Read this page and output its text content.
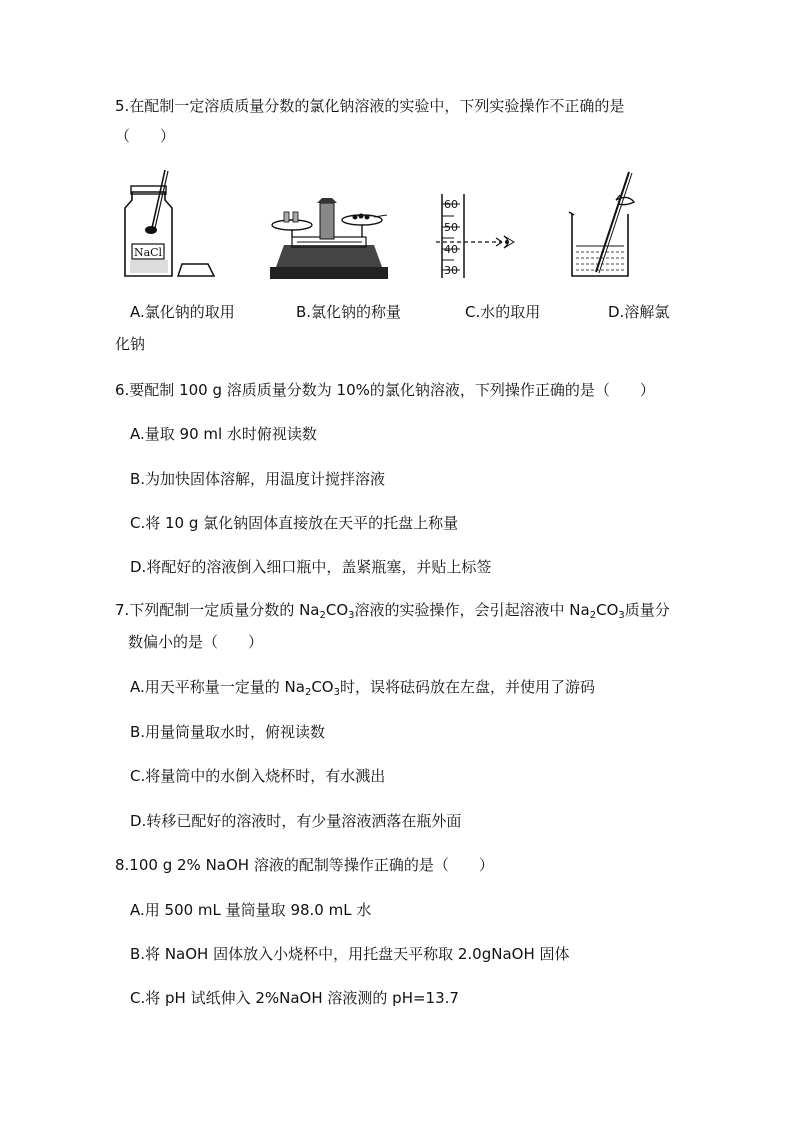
5.在配制一定溶质质量分数的氯化钠溶液的实验中，下列实验操作不正确的是
（　　）
NaCl
60
50
40
30
A.氯化钠的取用	B.氯化钠的称量	C.水的取用	D.溶解氯
化钠
6.要配制 100 g 溶质质量分数为 10%的氯化钠溶液，下列操作正确的是（　　）
A.量取 90 ml 水时俯视读数
B.为加快固体溶解，用温度计搅拌溶液
C.将 10 g 氯化钠固体直接放在天平的托盘上称量
D.将配好的溶液倒入细口瓶中，盖紧瓶塞，并贴上标签
7.下列配制一定质量分数的 $Na_2CO_3$溶液的实验操作，会引起溶液中 $Na_2CO_3$质量分
数偏小的是（　　）
A.用天平称量一定量的 $Na_2CO_3$时，误将砝码放在左盘，并使用了游码
B.用量筒量取水时，俯视读数
C.将量筒中的水倒入烧杯时，有水溅出
D.转移已配好的溶液时，有少量溶液洒落在瓶外面
8.100 g 2% NaOH 溶液的配制等操作正确的是（　　）
A.用 500 mL 量筒量取 98.0 mL 水
B.将 NaOH 固体放入小烧杯中，用托盘天平称取 2.0gNaOH 固体
C.将 pH 试纸伸入 2%NaOH 溶液测的 pH=13.7
